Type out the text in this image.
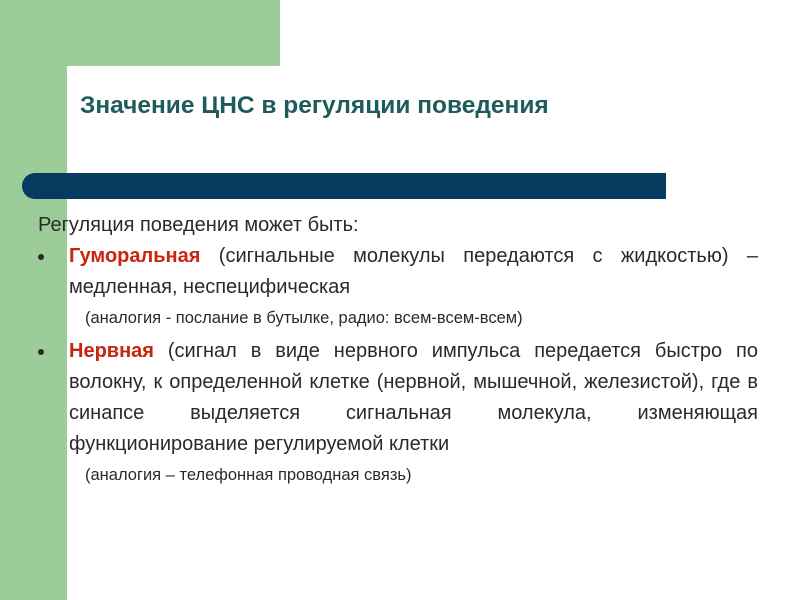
Значение ЦНС в регуляции поведения

Регуляция поведения может быть:

Гуморальная (сигнальные молекулы передаются с жидкостью) – медленная, неспецифическая
(аналогия - послание в бутылке, радио: всем-всем-всем)
Нервная (сигнал в виде нервного импульса передается быстро по волокну, к определенной клетке (нервной, мышечной, железистой), где в синапсе выделяется сигнальная молекула, изменяющая функционирование регулируемой клетки
(аналогия – телефонная проводная связь)
